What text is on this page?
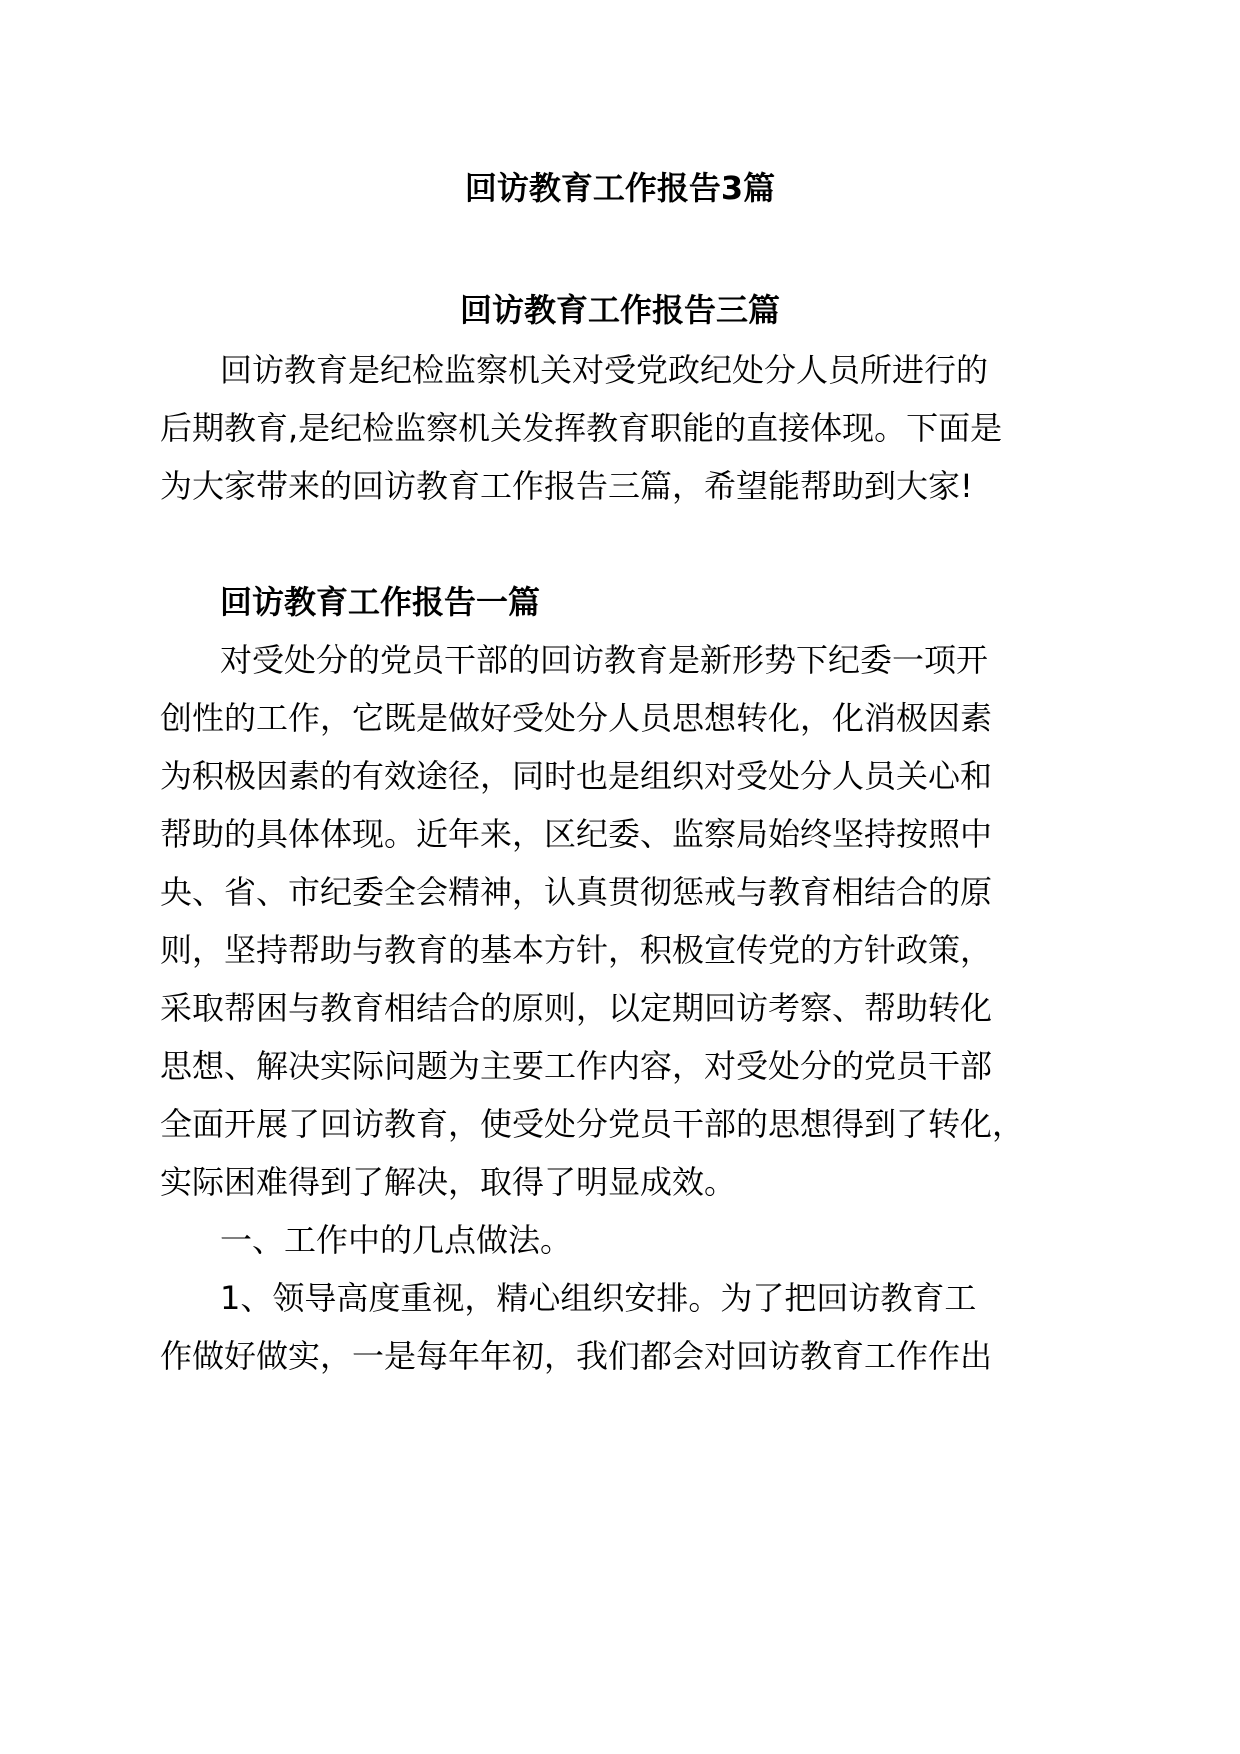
回访教育工作报告3篇
回访教育工作报告三篇
回访教育是纪检监察机关对受党政纪处分人员所进行的
后期教育,是纪检监察机关发挥教育职能的直接体现。下面是
为大家带来的回访教育工作报告三篇，希望能帮助到大家!
回访教育工作报告一篇
对受处分的党员干部的回访教育是新形势下纪委一项开
创性的工作，它既是做好受处分人员思想转化，化消极因素
为积极因素的有效途径，同时也是组织对受处分人员关心和
帮助的具体体现。近年来，区纪委、监察局始终坚持按照中
央、省、市纪委全会精神，认真贯彻惩戒与教育相结合的原
则，坚持帮助与教育的基本方针，积极宣传党的方针政策，
采取帮困与教育相结合的原则，以定期回访考察、帮助转化
思想、解决实际问题为主要工作内容，对受处分的党员干部
全面开展了回访教育，使受处分党员干部的思想得到了转化，
实际困难得到了解决，取得了明显成效。
一、工作中的几点做法。
1、领导高度重视，精心组织安排。为了把回访教育工
作做好做实，一是每年年初，我们都会对回访教育工作作出
